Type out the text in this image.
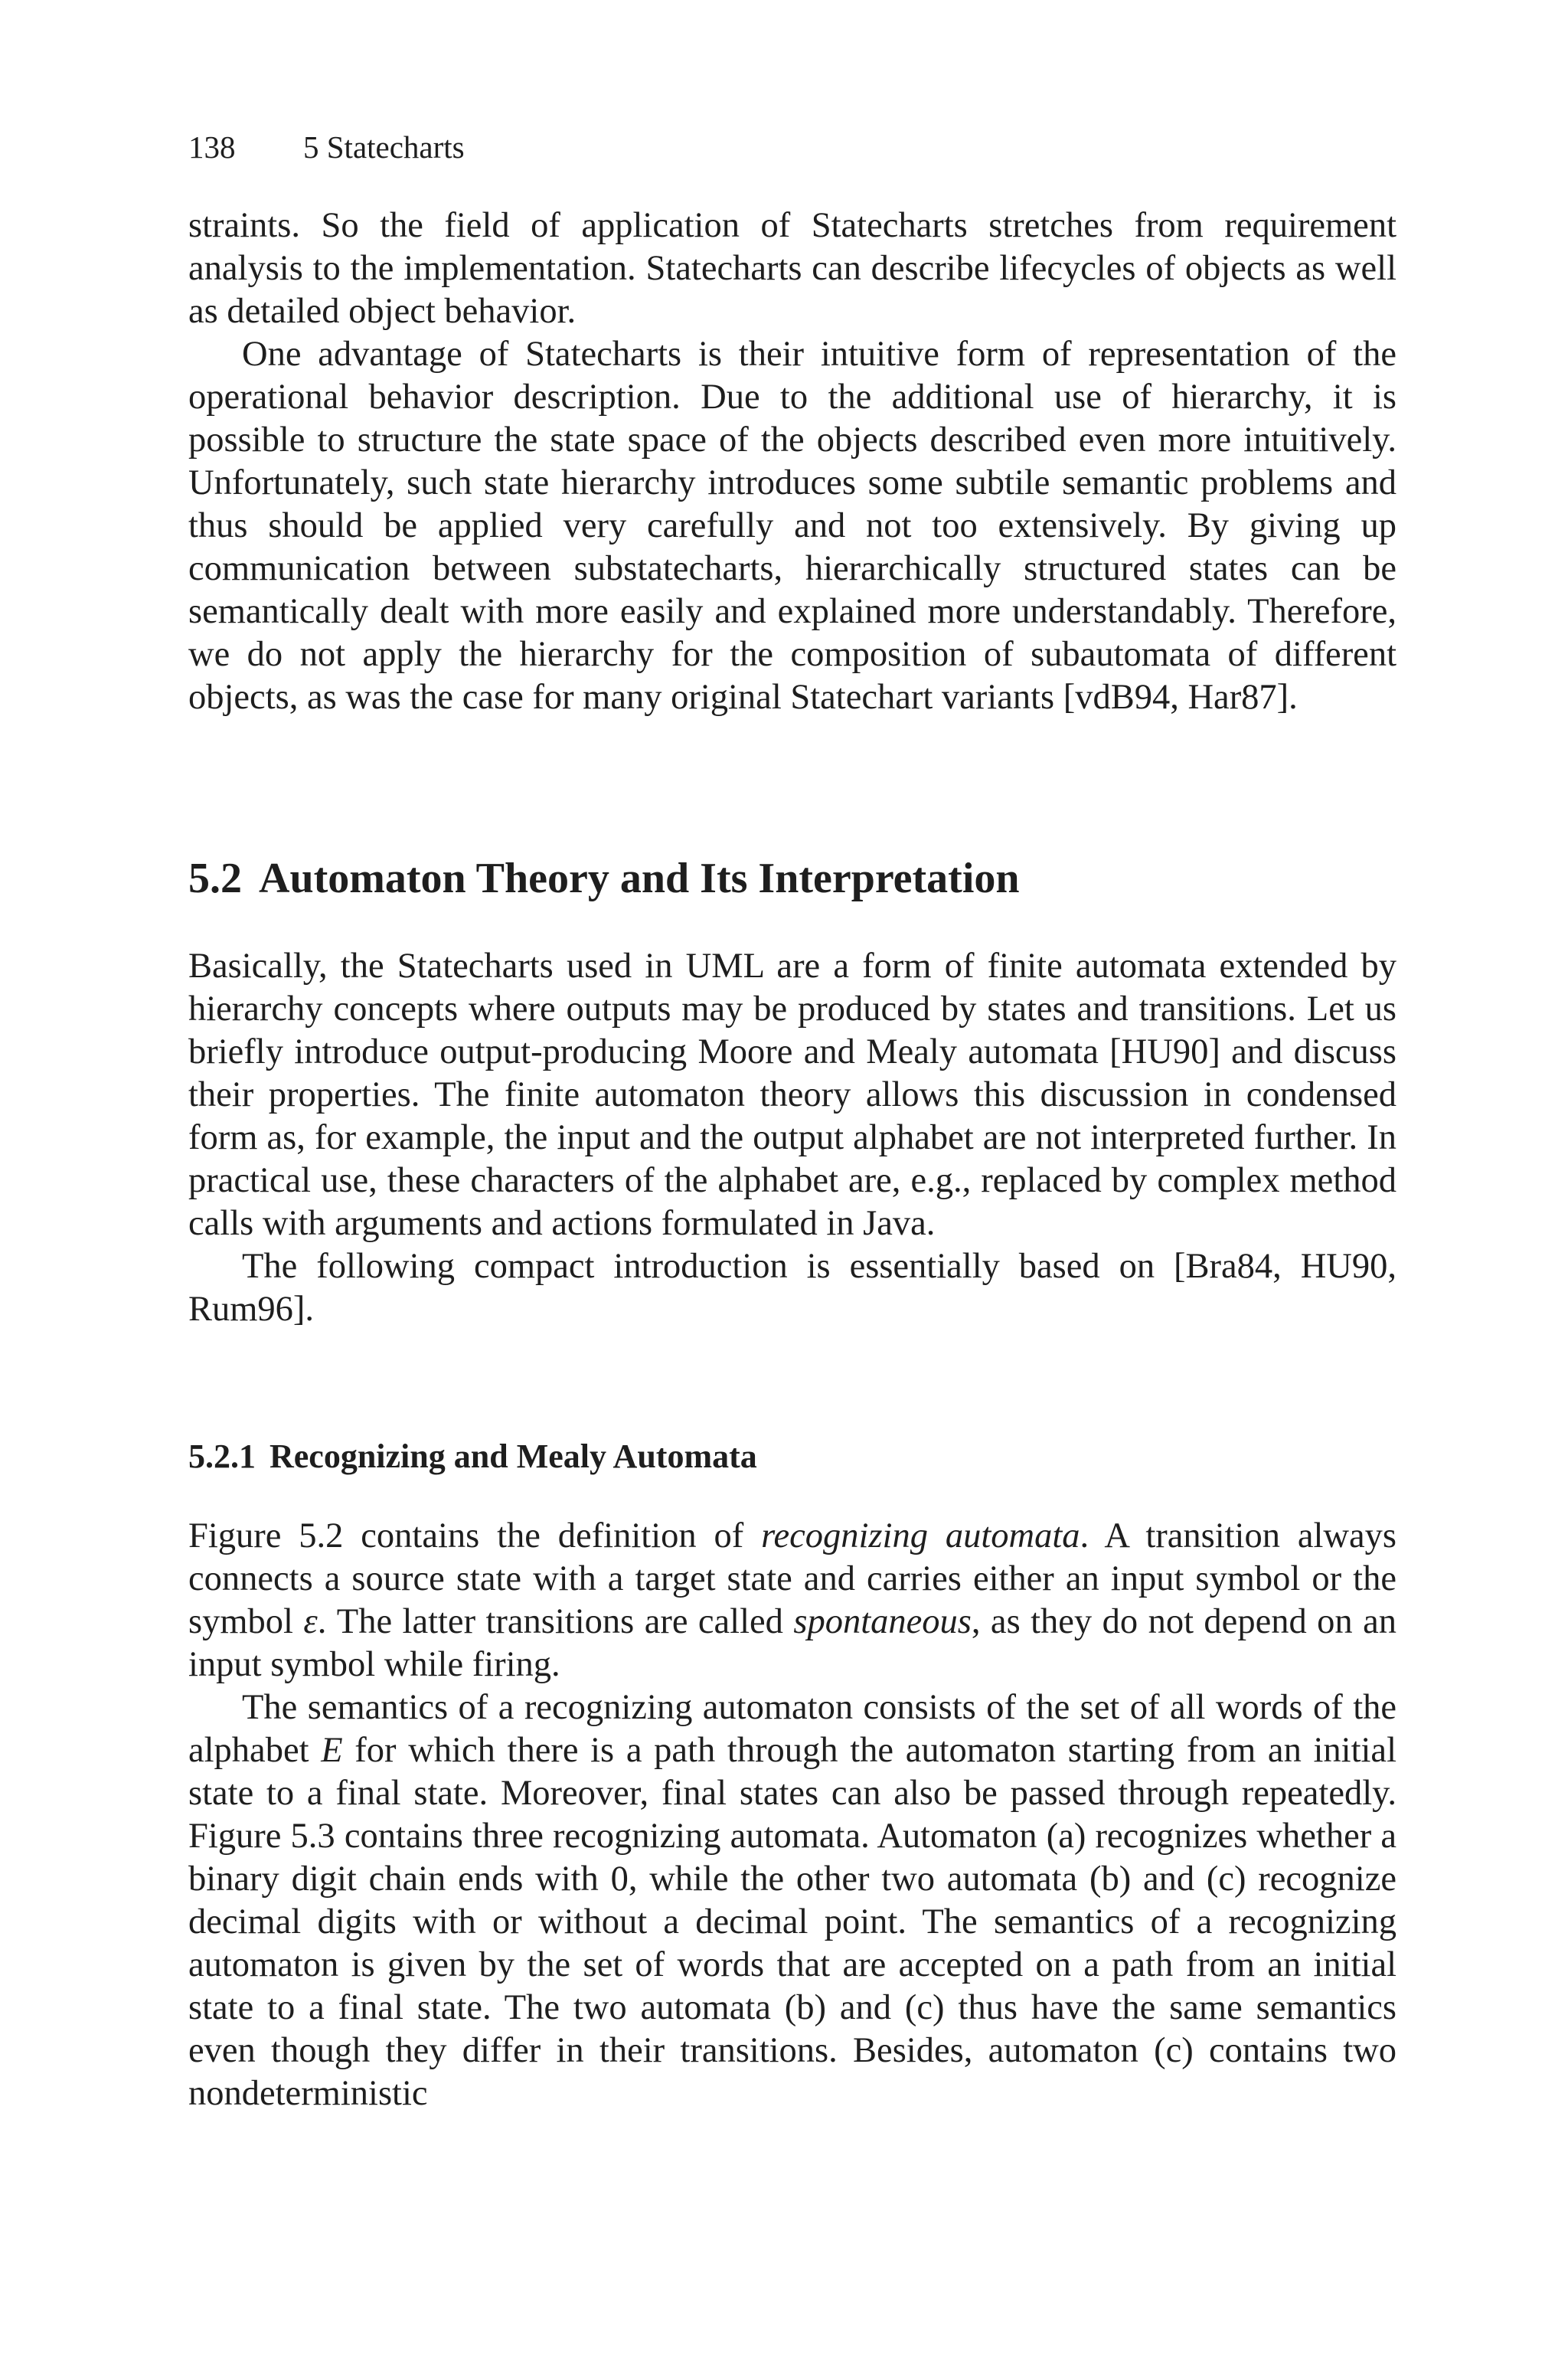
138 5 Statecharts

straints. So the field of application of Statecharts stretches from requirement analysis to the implementation. Statecharts can describe lifecycles of objects as well as detailed object behavior.

One advantage of Statecharts is their intuitive form of representation of the operational behavior description. Due to the additional use of hierarchy, it is possible to structure the state space of the objects described even more intuitively. Unfortunately, such state hierarchy introduces some subtile semantic problems and thus should be applied very carefully and not too extensively. By giving up communication between substatecharts, hierarchically structured states can be semantically dealt with more easily and explained more understandably. Therefore, we do not apply the hierarchy for the composition of subautomata of different objects, as was the case for many original Statechart variants [vdB94, Har87].

5.2 Automaton Theory and Its Interpretation

Basically, the Statecharts used in UML are a form of finite automata extended by hierarchy concepts where outputs may be produced by states and transitions. Let us briefly introduce output-producing Moore and Mealy automata [HU90] and discuss their properties. The finite automaton theory allows this discussion in condensed form as, for example, the input and the output alphabet are not interpreted further. In practical use, these characters of the alphabet are, e.g., replaced by complex method calls with arguments and actions formulated in Java.

The following compact introduction is essentially based on [Bra84, HU90, Rum96].

5.2.1 Recognizing and Mealy Automata

Figure 5.2 contains the definition of recognizing automata. A transition always connects a source state with a target state and carries either an input symbol or the symbol ε. The latter transitions are called spontaneous, as they do not depend on an input symbol while firing.

The semantics of a recognizing automaton consists of the set of all words of the alphabet E for which there is a path through the automaton starting from an initial state to a final state. Moreover, final states can also be passed through repeatedly. Figure 5.3 contains three recognizing automata. Automaton (a) recognizes whether a binary digit chain ends with 0, while the other two automata (b) and (c) recognize decimal digits with or without a decimal point. The semantics of a recognizing automaton is given by the set of words that are accepted on a path from an initial state to a final state. The two automata (b) and (c) thus have the same semantics even though they differ in their transitions. Besides, automaton (c) contains two nondeterministic
